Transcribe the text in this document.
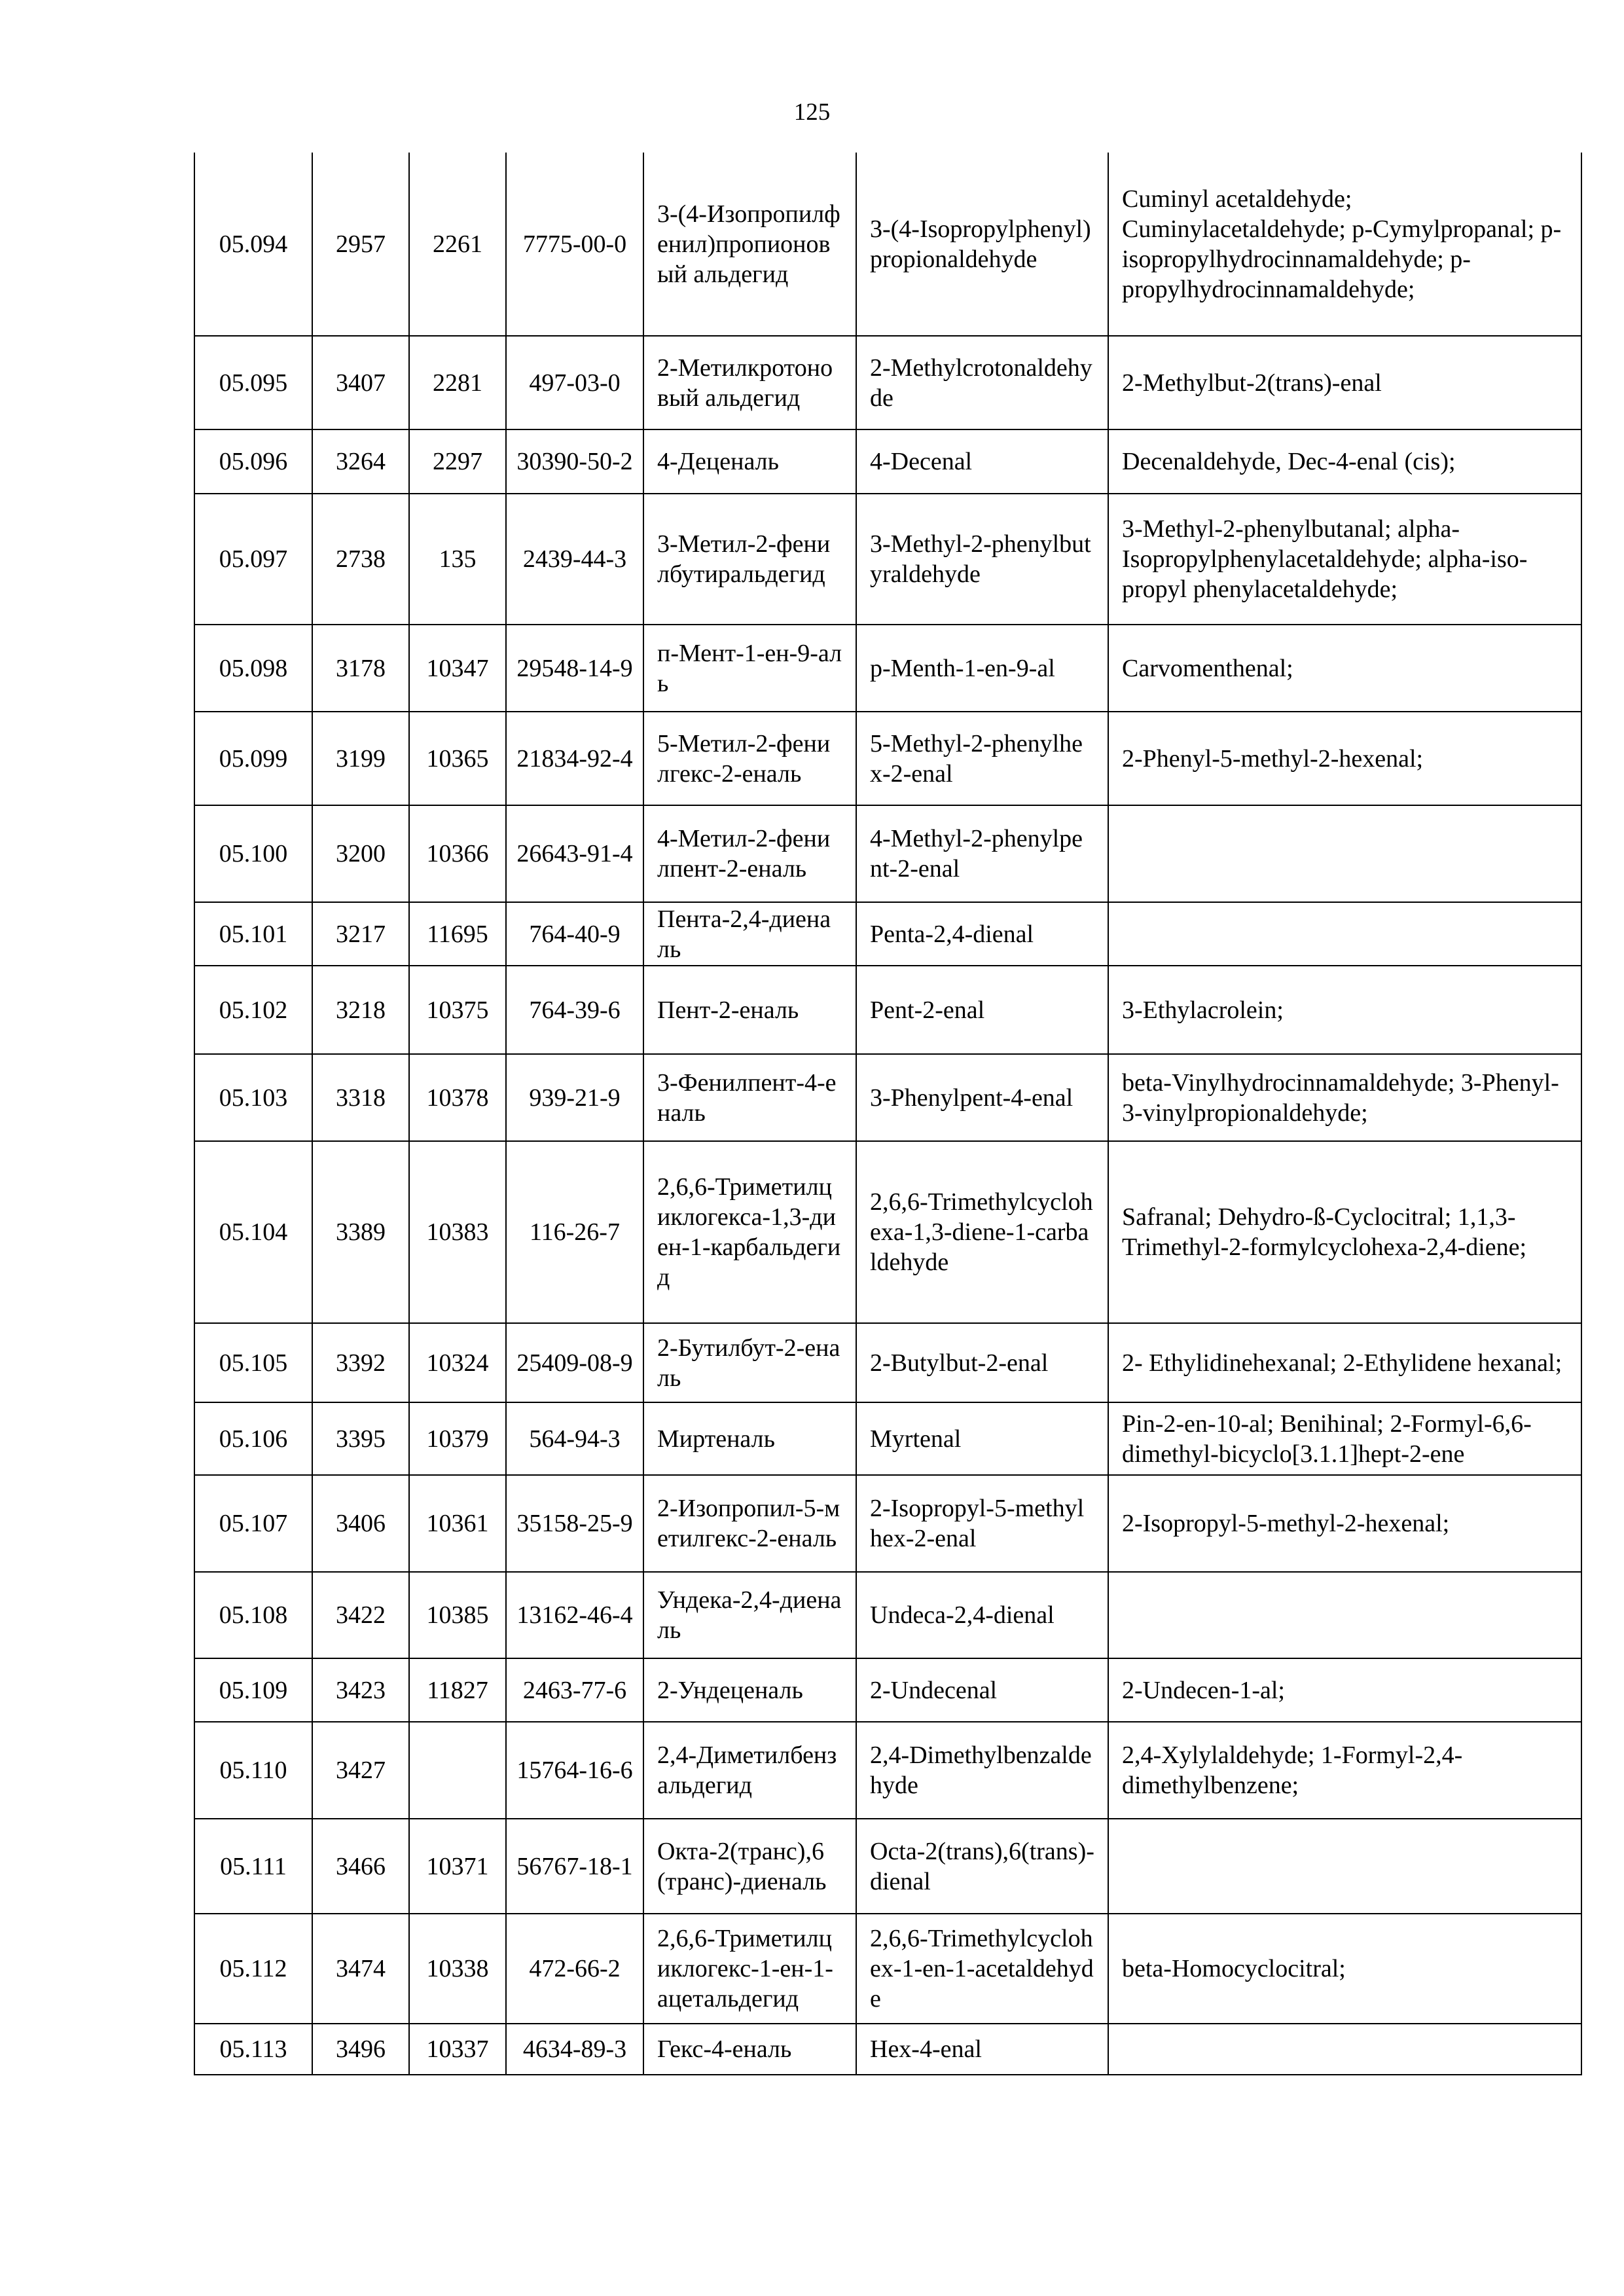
125
05.094	2957	2261	7775-00-0	3-(4-Изопропилфенил)пропионовый альдегид	3-(4-Isopropylphenyl)propionaldehyde	Cuminyl acetaldehyde; Cuminylacetaldehyde; p-Cymylpropanal; p-isopropylhydrocinnamaldehyde; p-propylhydrocinnamaldehyde;
05.095	3407	2281	497-03-0	2-Метилкротоновый альдегид	2-Methylcrotonaldehyde	2-Methylbut-2(trans)-enal
05.096	3264	2297	30390-50-2	4-Деценаль	4-Decenal	Decenaldehyde, Dec-4-enal (cis);
05.097	2738	135	2439-44-3	3-Метил-2-фенилбутиральдегид	3-Methyl-2-phenylbutyraldehyde	3-Methyl-2-phenylbutanal; alpha-Isopropylphenylacetaldehyde; alpha-iso-propyl phenylacetaldehyde;
05.098	3178	10347	29548-14-9	п-Мент-1-ен-9-аль	p-Menth-1-en-9-al	Carvomenthenal;
05.099	3199	10365	21834-92-4	5-Метил-2-фенилгекс-2-еналь	5-Methyl-2-phenylhex-2-enal	2-Phenyl-5-methyl-2-hexenal;
05.100	3200	10366	26643-91-4	4-Метил-2-фенилпент-2-еналь	4-Methyl-2-phenylpent-2-enal	
05.101	3217	11695	764-40-9	Пента-2,4-диеналь	Penta-2,4-dienal	
05.102	3218	10375	764-39-6	Пент-2-еналь	Pent-2-enal	3-Ethylacrolein;
05.103	3318	10378	939-21-9	3-Фенилпент-4-еналь	3-Phenylpent-4-enal	beta-Vinylhydrocinnamaldehyde; 3-Phenyl-3-vinylpropionaldehyde;
05.104	3389	10383	116-26-7	2,6,6-Триметилциклогекса-1,3-диен-1-карбальдегид	2,6,6-Trimethylcyclohexa-1,3-diene-1-carbaldehyde	Safranal; Dehydro-ß-Cyclocitral; 1,1,3-Trimethyl-2-formylcyclohexa-2,4-diene;
05.105	3392	10324	25409-08-9	2-Бутилбут-2-еналь	2-Butylbut-2-enal	2- Ethylidinehexanal; 2-Ethylidene hexanal;
05.106	3395	10379	564-94-3	Миртеналь	Myrtenal	Pin-2-en-10-al; Benihinal; 2-Formyl-6,6-dimethyl-bicyclo[3.1.1]hept-2-ene
05.107	3406	10361	35158-25-9	2-Изопропил-5-метилгекс-2-еналь	2-Isopropyl-5-methylhex-2-enal	2-Isopropyl-5-methyl-2-hexenal;
05.108	3422	10385	13162-46-4	Ундека-2,4-диеналь	Undeca-2,4-dienal	
05.109	3423	11827	2463-77-6	2-Ундеценаль	2-Undecenal	2-Undecen-1-al;
05.110	3427		15764-16-6	2,4-Диметилбензальдегид	2,4-Dimethylbenzaldehyde	2,4-Xylylaldehyde; 1-Formyl-2,4-dimethylbenzene;
05.111	3466	10371	56767-18-1	Окта-2(транс),6(транс)-диеналь	Octa-2(trans),6(trans)-dienal	
05.112	3474	10338	472-66-2	2,6,6-Триметилциклогекс-1-ен-1-ацетальдегид	2,6,6-Trimethylcyclohex-1-en-1-acetaldehyde	beta-Homocyclocitral;
05.113	3496	10337	4634-89-3	Гекс-4-еналь	Hex-4-enal	
